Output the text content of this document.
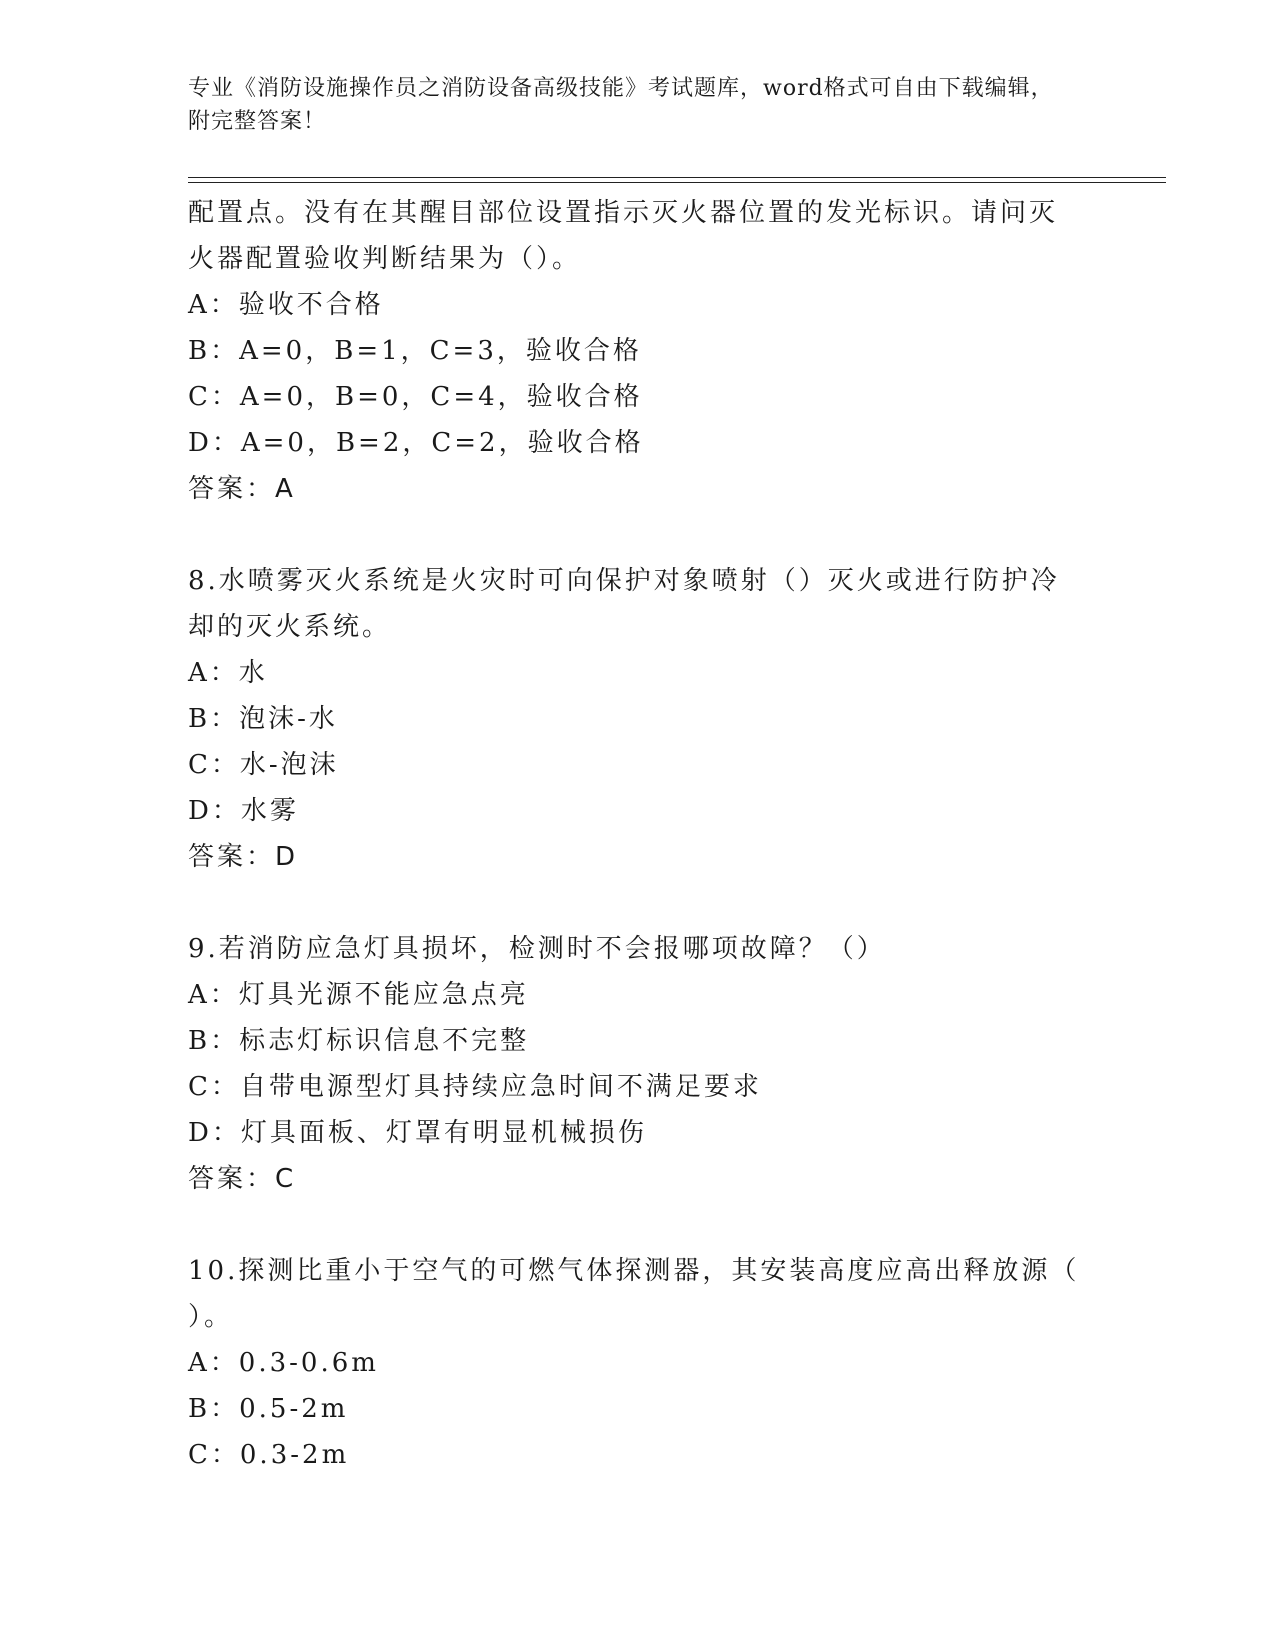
专业《消防设施操作员之消防设备高级技能》考试题库，word格式可自由下载编辑，附完整答案！
配置点。没有在其醒目部位设置指示灭火器位置的发光标识。请问灭
火器配置验收判断结果为（）。
A：验收不合格
B：A=0，B=1，C=3，验收合格
C：A=0，B=0，C=4，验收合格
D：A=0，B=2，C=2，验收合格
答案：A
8.水喷雾灭火系统是火灾时可向保护对象喷射（）灭火或进行防护冷
却的灭火系统。
A：水
B：泡沫-水
C：水-泡沫
D：水雾
答案：D
9.若消防应急灯具损坏，检测时不会报哪项故障？（）
A：灯具光源不能应急点亮
B：标志灯标识信息不完整
C：自带电源型灯具持续应急时间不满足要求
D：灯具面板、灯罩有明显机械损伤
答案：C
10.探测比重小于空气的可燃气体探测器，其安装高度应高出释放源（
）。
A：0.3-0.6m
B：0.5-2m
C：0.3-2m
